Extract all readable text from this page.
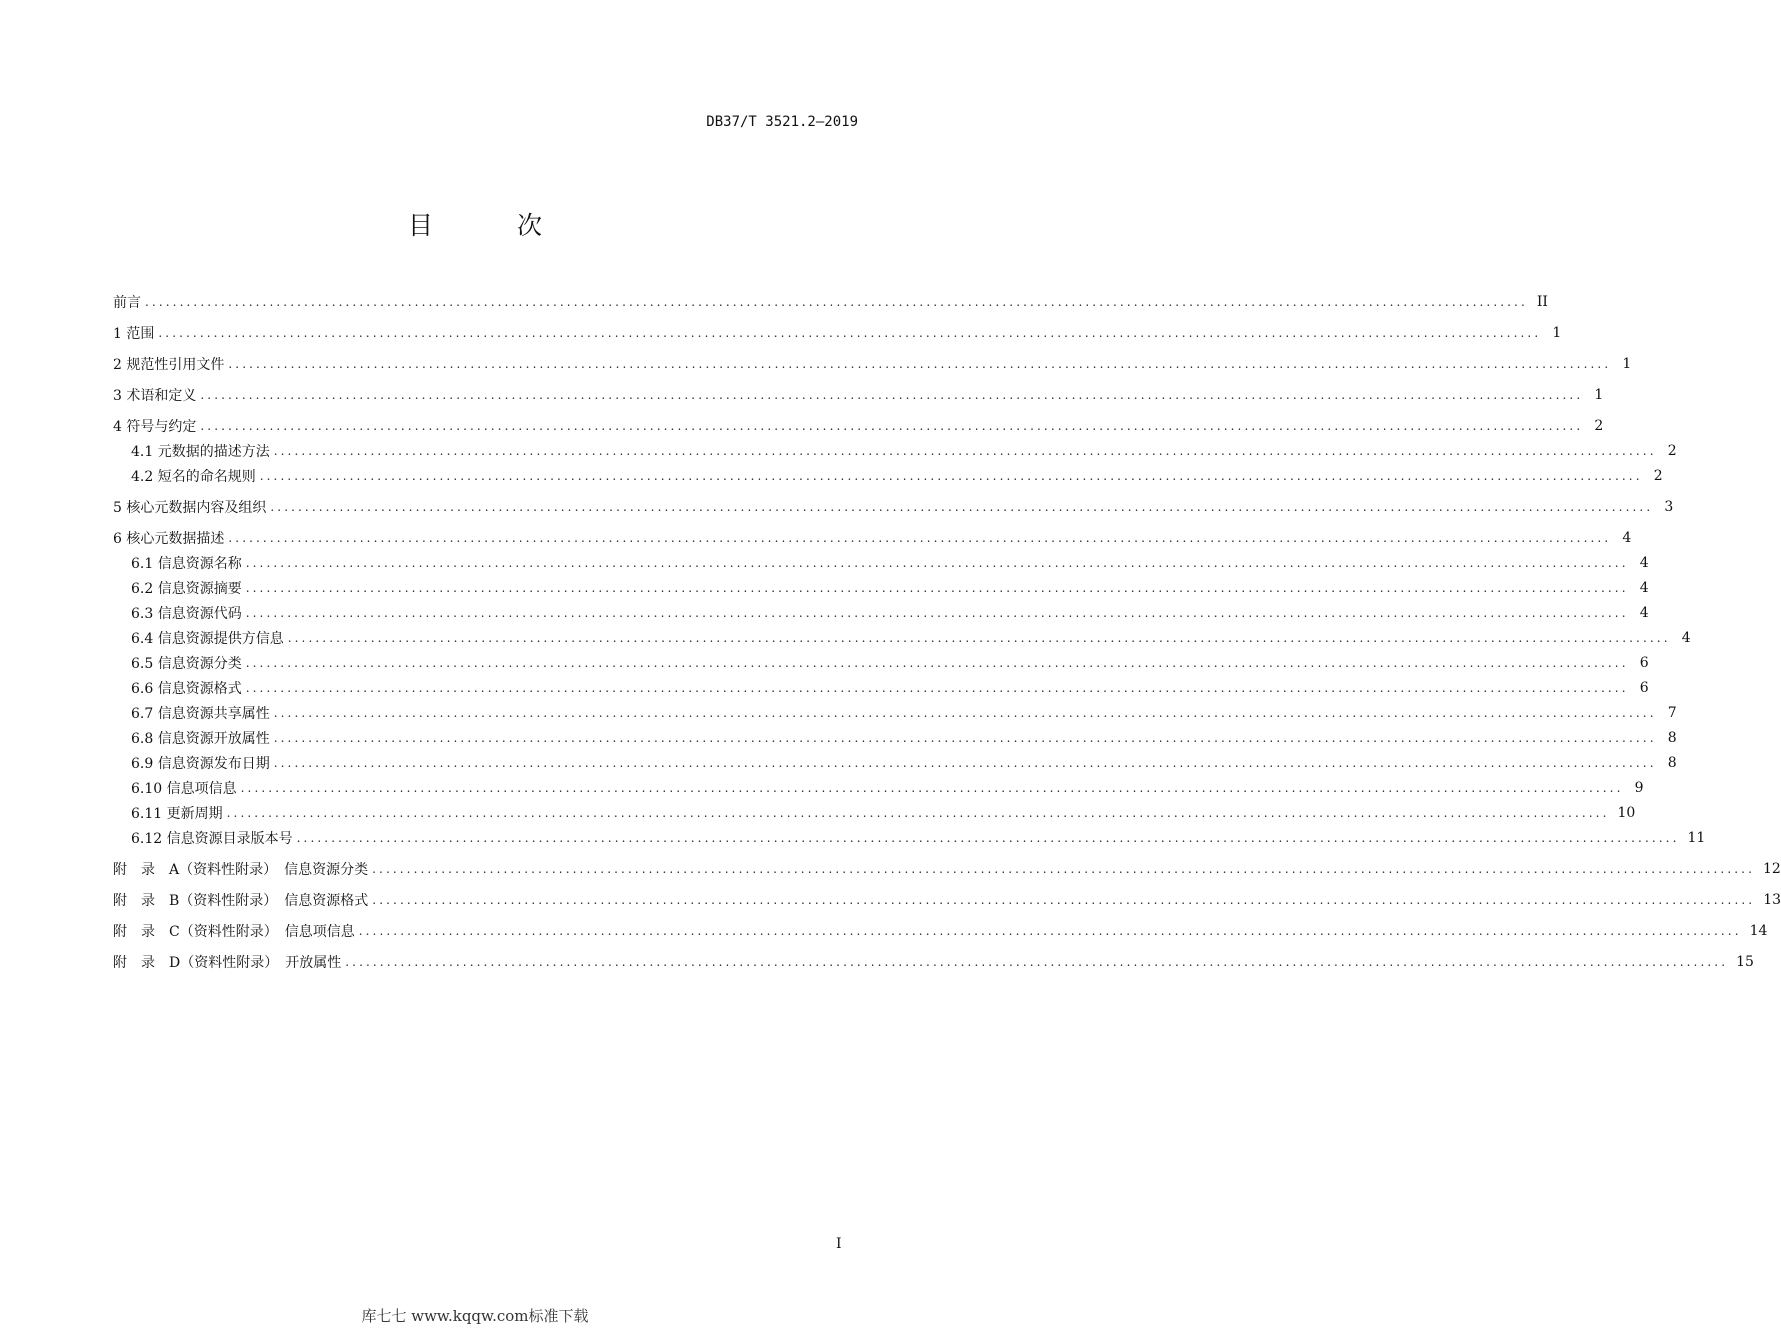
DB37/T 3521.2—2019
目 次
前言 ........................................................................................................................................................................................................ II
1 范围 ........................................................................................................................................................................................................ 1
2 规范性引用文件 ........................................................................................................................................................................................................ 1
3 术语和定义 ........................................................................................................................................................................................................ 1
4 符号与约定 ........................................................................................................................................................................................................ 2
4.1 元数据的描述方法 ........................................................................................................................................................................................................ 2
4.2 短名的命名规则 ........................................................................................................................................................................................................ 2
5 核心元数据内容及组织 ........................................................................................................................................................................................................ 3
6 核心元数据描述 ........................................................................................................................................................................................................ 4
6.1 信息资源名称 ........................................................................................................................................................................................................ 4
6.2 信息资源摘要 ........................................................................................................................................................................................................ 4
6.3 信息资源代码 ........................................................................................................................................................................................................ 4
6.4 信息资源提供方信息 ........................................................................................................................................................................................................ 4
6.5 信息资源分类 ........................................................................................................................................................................................................ 6
6.6 信息资源格式 ........................................................................................................................................................................................................ 6
6.7 信息资源共享属性 ........................................................................................................................................................................................................ 7
6.8 信息资源开放属性 ........................................................................................................................................................................................................ 8
6.9 信息资源发布日期 ........................................................................................................................................................................................................ 8
6.10 信息项信息 ........................................................................................................................................................................................................ 9
6.11 更新周期 ........................................................................................................................................................................................................ 10
6.12 信息资源目录版本号 ........................................................................................................................................................................................................ 11
附　录　A（资料性附录）　信息资源分类 ........................................................................................................................................................................................................ 12
附　录　B（资料性附录）　信息资源格式 ........................................................................................................................................................................................................ 13
附　录　C（资料性附录）　信息项信息 ........................................................................................................................................................................................................ 14
附　录　D（资料性附录）　开放属性 ........................................................................................................................................................................................................ 15
I
库七七 www.kqqw.com标准下载
